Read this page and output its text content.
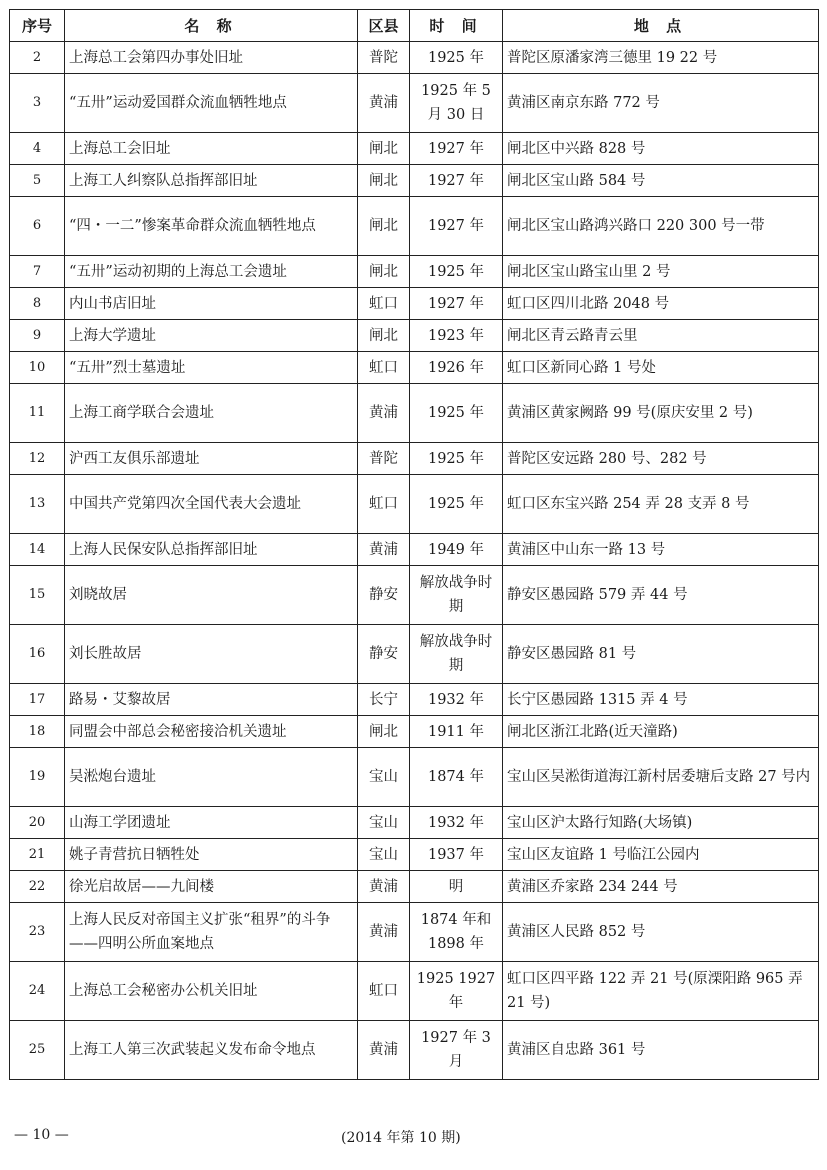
序号	名 称	区县	时 间	地 点
2	上海总工会第四办事处旧址	普陀	1925 年	普陀区原潘家湾三德里 19 22 号
3	“五卅”运动爱国群众流血牺牲地点	黄浦	1925 年 5 月 30 日	黄浦区南京东路 772 号
4	上海总工会旧址	闸北	1927 年	闸北区中兴路 828 号
5	上海工人纠察队总指挥部旧址	闸北	1927 年	闸北区宝山路 584 号
6	“四・一二”惨案革命群众流血牺牲地点	闸北	1927 年	闸北区宝山路鸿兴路口 220 300 号一带
7	“五卅”运动初期的上海总工会遗址	闸北	1925 年	闸北区宝山路宝山里 2 号
8	内山书店旧址	虹口	1927 年	虹口区四川北路 2048 号
9	上海大学遗址	闸北	1923 年	闸北区青云路青云里
10	“五卅”烈士墓遗址	虹口	1926 年	虹口区新同心路 1 号处
11	上海工商学联合会遗址	黄浦	1925 年	黄浦区黄家阙路 99 号(原庆安里 2 号)
12	沪西工友俱乐部遗址	普陀	1925 年	普陀区安远路 280 号、282 号
13	中国共产党第四次全国代表大会遗址	虹口	1925 年	虹口区东宝兴路 254 弄 28 支弄 8 号
14	上海人民保安队总指挥部旧址	黄浦	1949 年	黄浦区中山东一路 13 号
15	刘晓故居	静安	解放战争时期	静安区愚园路 579 弄 44 号
16	刘长胜故居	静安	解放战争时期	静安区愚园路 81 号
17	路易・艾黎故居	长宁	1932 年	长宁区愚园路 1315 弄 4 号
18	同盟会中部总会秘密接洽机关遗址	闸北	1911 年	闸北区浙江北路(近天潼路)
19	吴淞炮台遗址	宝山	1874 年	宝山区吴淞街道海江新村居委塘后支路 27 号内
20	山海工学团遗址	宝山	1932 年	宝山区沪太路行知路(大场镇)
21	姚子青营抗日牺牲处	宝山	1937 年	宝山区友谊路 1 号临江公园内
22	徐光启故居——九间楼	黄浦	明	黄浦区乔家路 234 244 号
23	上海人民反对帝国主义扩张“租界”的斗争——四明公所血案地点	黄浦	1874 年和 1898 年	黄浦区人民路 852 号
24	上海总工会秘密办公机关旧址	虹口	1925 1927 年	虹口区四平路 122 弄 21 号(原溧阳路 965 弄 21 号)
25	上海工人第三次武装起义发布命令地点	黄浦	1927 年 3 月	黄浦区自忠路 361 号
— 10 —	(2014 年第 10 期)
